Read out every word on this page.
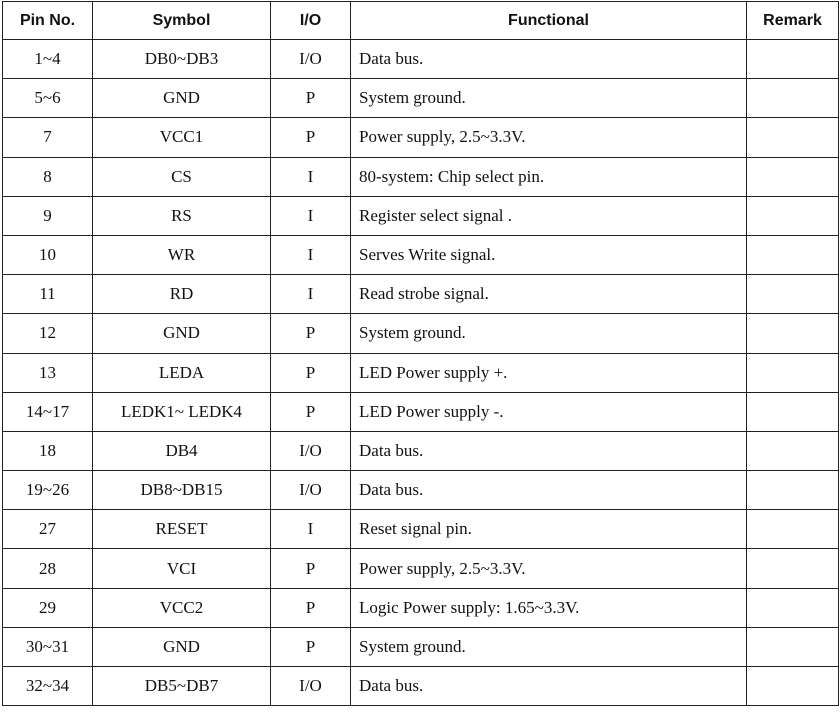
Pin No.	Symbol	I/O	Functional	Remark
1~4	DB0~DB3	I/O	Data bus.	
5~6	GND	P	System ground.	
7	VCC1	P	Power supply, 2.5~3.3V.	
8	CS	I	80-system: Chip select pin.	
9	RS	I	Register select signal .	
10	WR	I	Serves Write signal.	
11	RD	I	Read strobe signal.	
12	GND	P	System ground.	
13	LEDA	P	LED Power supply +.	
14~17	LEDK1~ LEDK4	P	LED Power supply -.	
18	DB4	I/O	Data bus.	
19~26	DB8~DB15	I/O	Data bus.	
27	RESET	I	Reset signal pin.	
28	VCI	P	Power supply, 2.5~3.3V.	
29	VCC2	P	Logic Power supply: 1.65~3.3V.	
30~31	GND	P	System ground.	
32~34	DB5~DB7	I/O	Data bus.	
